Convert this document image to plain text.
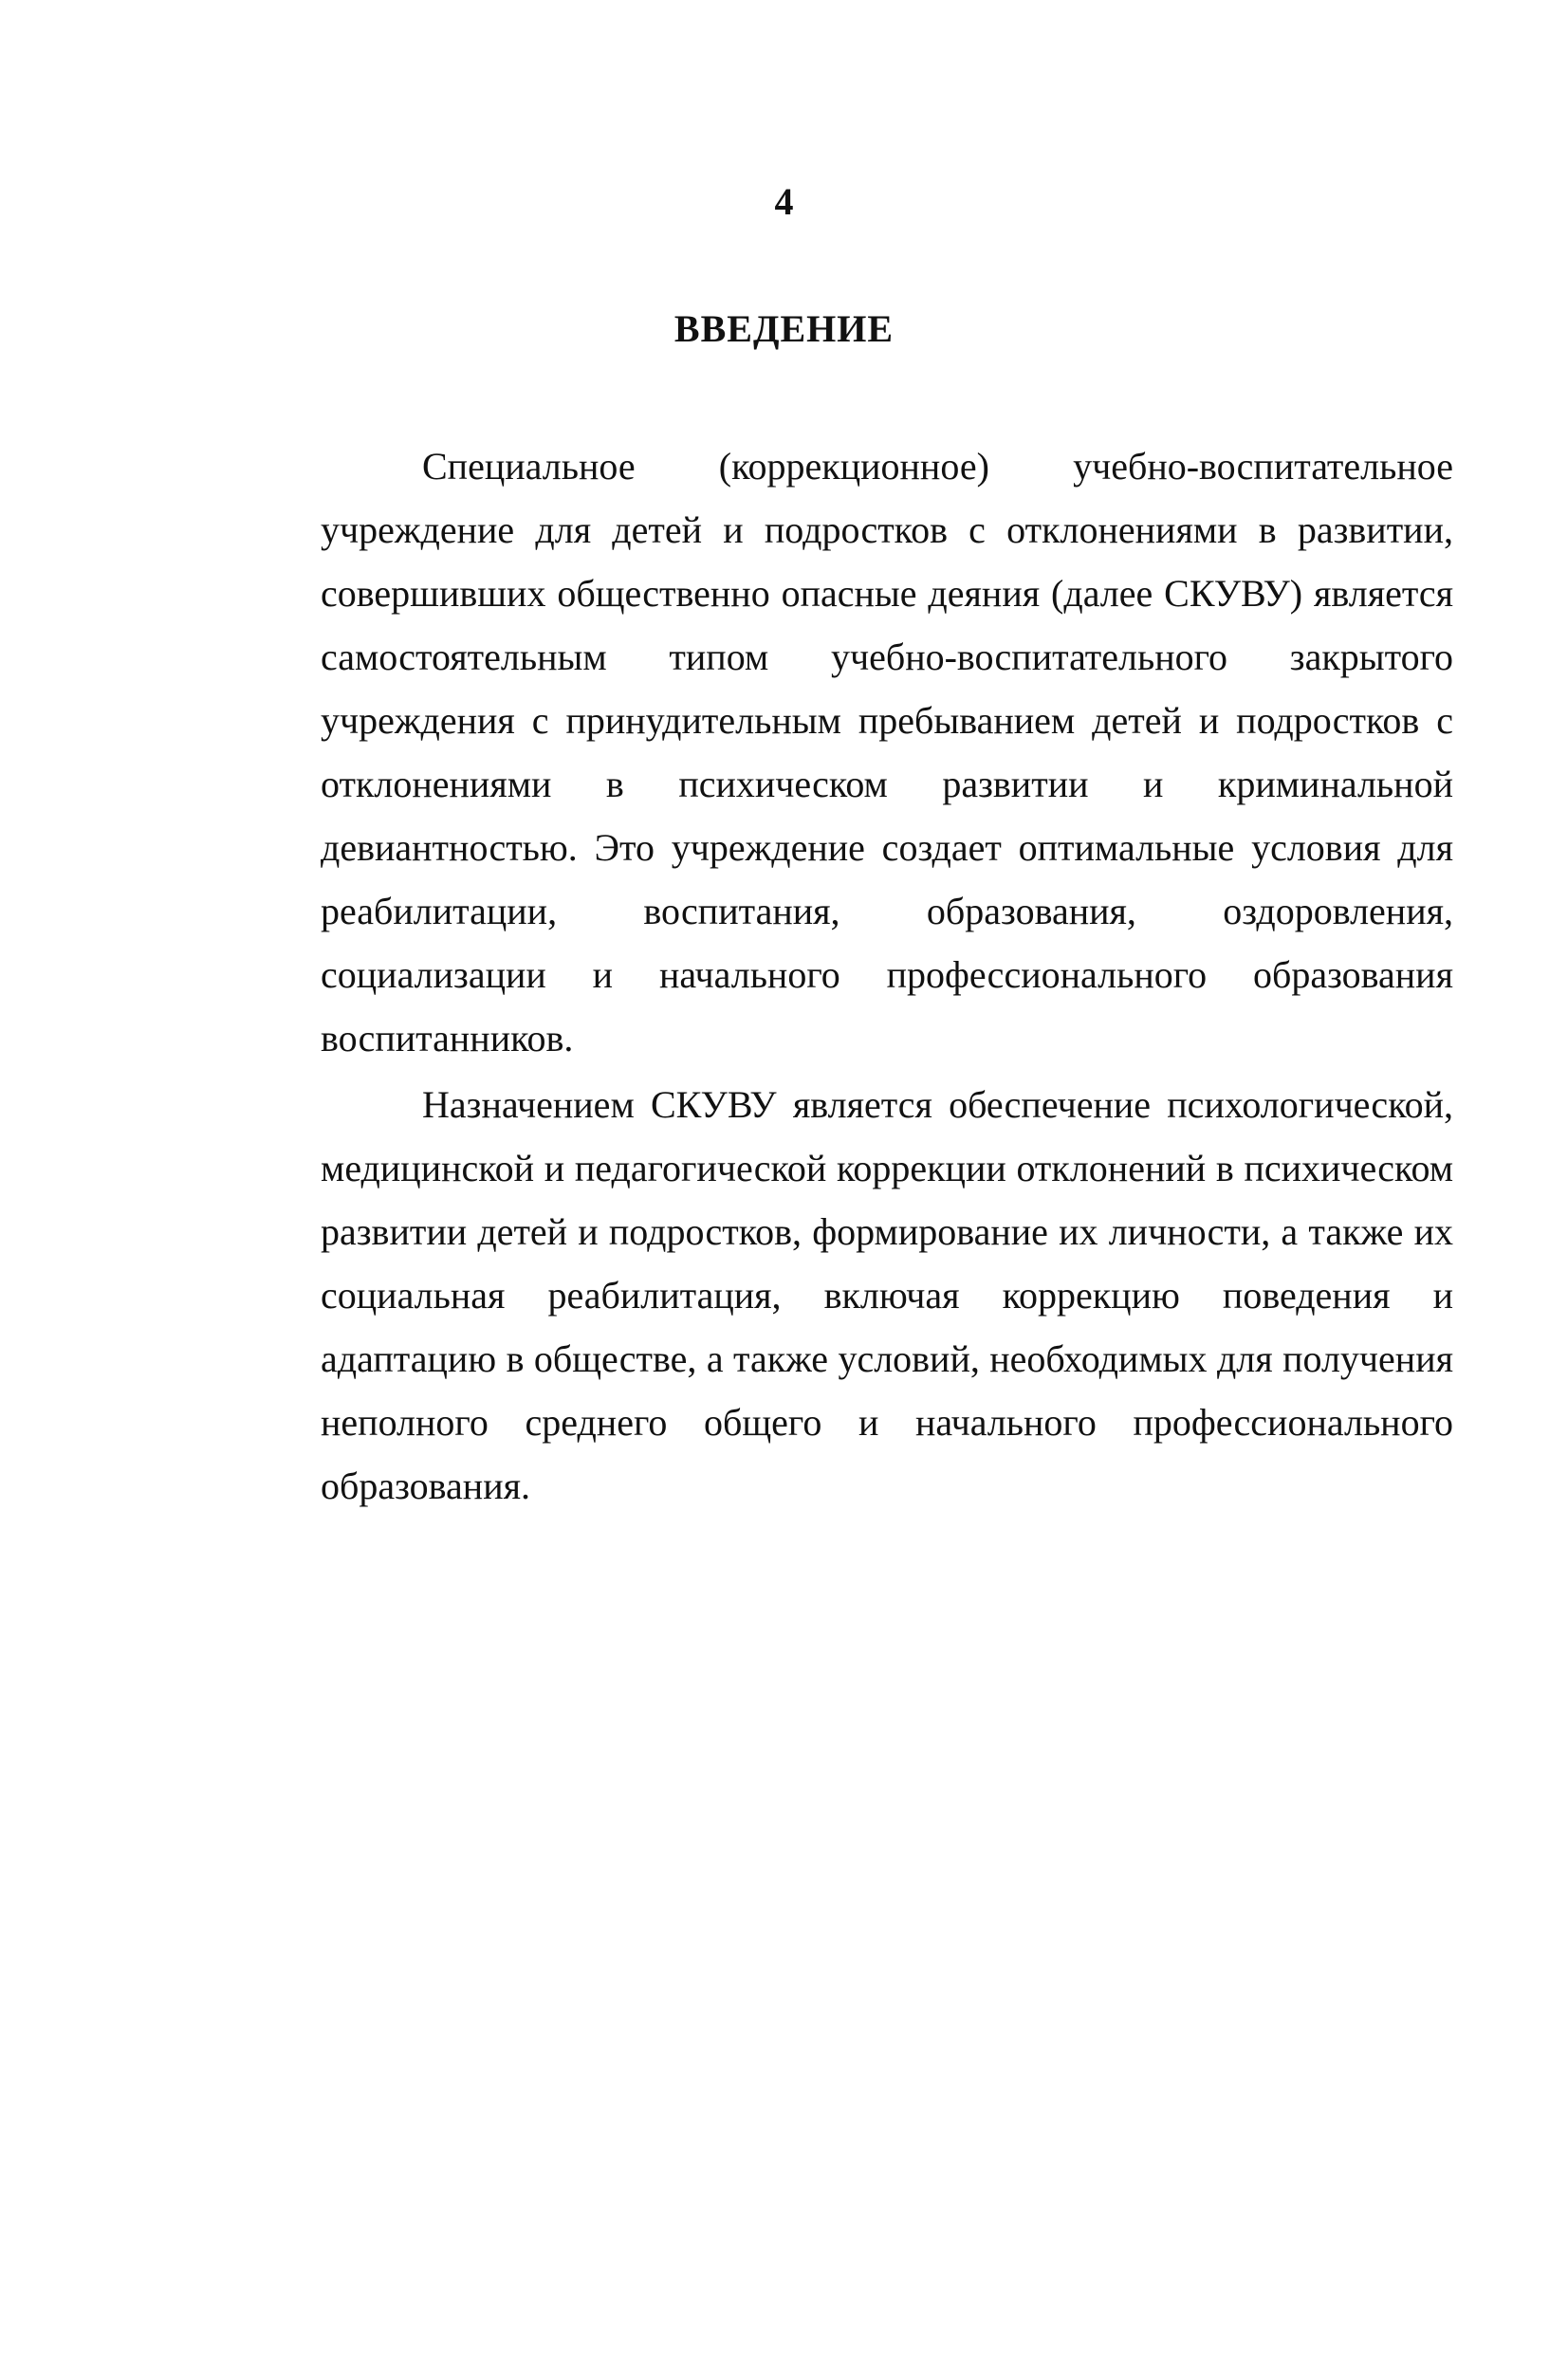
4
ВВЕДЕНИЕ

Специальное (коррекционное) учебно-воспитательное учреждение для детей и подростков с отклонениями в развитии, совершивших общественно опасные деяния (далее СКУВУ) является самостоятельным типом учебно-воспитательного закрытого учреждения с принудительным пребыванием детей и подростков с отклонениями в психическом развитии и криминальной девиантностью. Это учреждение создает оптимальные условия для реабилитации, воспитания, образования, оздоровления, социализации и начального профессионального образования воспитанников.

Назначением СКУВУ является обеспечение психологической, медицинской и педагогической коррекции отклонений в психическом развитии детей и подростков, формирование их личности, а также их социальная реабилитация, включая коррекцию поведения и адаптацию в обществе, а также условий, необходимых для получения неполного среднего общего и начального профессионального образования.
